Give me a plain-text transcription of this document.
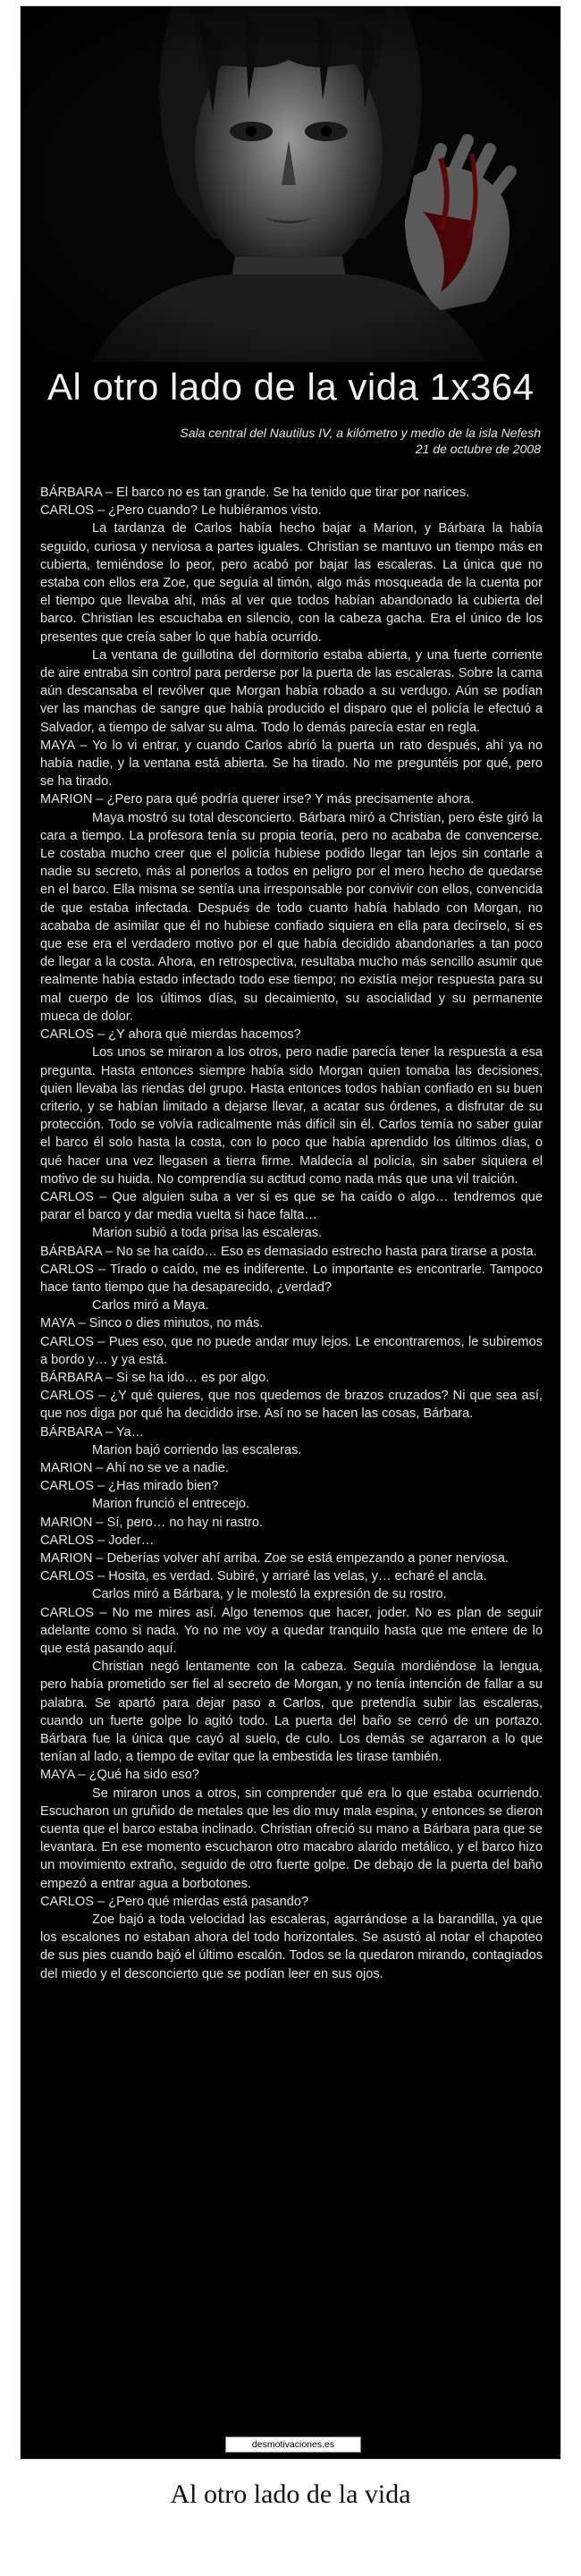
Al otro lado de la vida 1x364
Sala central del Nautilus IV, a kilómetro y medio de la isla Nefesh
21 de octubre de 2008

BÁRBARA – El barco no es tan grande. Se ha tenido que tirar por narices.

CARLOS – ¿Pero cuando? Le hubiéramos visto.

La tardanza de Carlos había hecho bajar a Marion, y Bárbara la había seguido, curiosa y nerviosa a partes iguales. Christian se mantuvo un tiempo más en cubierta, temiéndose lo peor, pero acabó por bajar las escaleras. La única que no estaba con ellos era Zoe, que seguía al timón, algo más mosqueada de la cuenta por el tiempo que llevaba ahí, más al ver que todos habían abandonado la cubierta del barco. Christian les escuchaba en silencio, con la cabeza gacha. Era el único de los presentes que creía saber lo que había ocurrido.

La ventana de guillotina del dormitorio estaba abierta, y una fuerte corriente de aire entraba sin control para perderse por la puerta de las escaleras. Sobre la cama aún descansaba el revólver que Morgan había robado a su verdugo. Aún se podían ver las manchas de sangre que había producido el disparo que el policía le efectuó a Salvador, a tiempo de salvar su alma. Todo lo demás parecía estar en regla.

MAYA – Yo lo vi entrar, y cuando Carlos abrió la puerta un rato después, ahí ya no había nadie, y la ventana está abierta. Se ha tirado. No me preguntéis por qué, pero se ha tirado.

MARION – ¿Pero para qué podría querer irse? Y más precisamente ahora.

Maya mostró su total desconcierto. Bárbara miró a Christian, pero éste giró la cara a tiempo. La profesora tenía su propia teoría, pero no acababa de convencerse. Le costaba mucho creer que el policía hubiese podido llegar tan lejos sin contarle a nadie su secreto, más al ponerlos a todos en peligro por el mero hecho de quedarse en el barco. Ella misma se sentía una irresponsable por convivir con ellos, convencida de que estaba infectada. Después de todo cuanto había hablado con Morgan, no acababa de asimilar que él no hubiese confiado siquiera en ella para decírselo, si es que ese era el verdadero motivo por el que había decidido abandonarles a tan poco de llegar a la costa. Ahora, en retrospectiva, resultaba mucho más sencillo asumir que realmente había estado infectado todo ese tiempo; no existía mejor respuesta para su mal cuerpo de los últimos días, su decaimiento, su asocialidad y su permanente mueca de dolor.

CARLOS – ¿Y ahora qué mierdas hacemos?

Los unos se miraron a los otros, pero nadie parecía tener la respuesta a esa pregunta. Hasta entonces siempre había sido Morgan quien tomaba las decisiones, quien llevaba las riendas del grupo. Hasta entonces todos habían confiado en su buen criterio, y se habían limitado a dejarse llevar, a acatar sus órdenes, a disfrutar de su protección. Todo se volvía radicalmente más difícil sin él. Carlos temía no saber guiar el barco él solo hasta la costa, con lo poco que había aprendido los últimos días, o qué hacer una vez llegasen a tierra firme. Maldecía al policía, sin saber siquiera el motivo de su huida. No comprendía su actitud como nada más que una vil traición.

CARLOS – Que alguien suba a ver si es que se ha caído o algo… tendremos que parar el barco y dar media vuelta si hace falta…

Marion subió a toda prisa las escaleras.

BÁRBARA – No se ha caído… Eso es demasiado estrecho hasta para tirarse a posta.

CARLOS – Tirado o caído, me es indiferente. Lo importante es encontrarle. Tampoco hace tanto tiempo que ha desaparecido, ¿verdad?

Carlos miró a Maya.

MAYA – Sinco o dies minutos, no más.

CARLOS – Pues eso, que no puede andar muy lejos. Le encontraremos, le subiremos a bordo y… y ya está.

BÁRBARA – Si se ha ido… es por algo.

CARLOS – ¿Y qué quieres, que nos quedemos de brazos cruzados? Ni que sea así, que nos diga por qué ha decidido irse. Así no se hacen las cosas, Bárbara.

BÁRBARA – Ya…

Marion bajó corriendo las escaleras.

MARION – Ahí no se ve a nadie.

CARLOS – ¿Has mirado bien?

Marion frunció el entrecejo.

MARION – Sí, pero… no hay ni rastro.

CARLOS – Joder…

MARION – Deberías volver ahí arriba. Zoe se está empezando a poner nerviosa.

CARLOS – Hosita, es verdad. Subiré, y arriaré las velas, y… echaré el ancla.

Carlos miró a Bárbara, y le molestó la expresión de su rostro.

CARLOS – No me mires así. Algo tenemos que hacer, joder. No es plan de seguir adelante como si nada. Yo no me voy a quedar tranquilo hasta que me entere de lo que está pasando aquí.

Christian negó lentamente con la cabeza. Seguía mordiéndose la lengua, pero había prometido ser fiel al secreto de Morgan, y no tenía intención de fallar a su palabra. Se apartó para dejar paso a Carlos, que pretendía subir las escaleras, cuando un fuerte golpe lo agitó todo. La puerta del baño se cerró de un portazo. Bárbara fue la única que cayó al suelo, de culo. Los demás se agarraron a lo que tenían al lado, a tiempo de evitar que la embestida les tirase también.

MAYA – ¿Qué ha sido eso?

Se miraron unos a otros, sin comprender qué era lo que estaba ocurriendo. Escucharon un gruñido de metales que les dio muy mala espina, y entonces se dieron cuenta que el barco estaba inclinado. Christian ofreció su mano a Bárbara para que se levantara. En ese momento escucharon otro macabro alarido metálico, y el barco hizo un movimiento extraño, seguido de otro fuerte golpe. De debajo de la puerta del baño empezó a entrar agua a borbotones.

CARLOS – ¿Pero qué mierdas está pasando?

Zoe bajó a toda velocidad las escaleras, agarrándose a la barandilla, ya que los escalones no estaban ahora del todo horizontales. Se asustó al notar el chapoteo de sus pies cuando bajó el último escalón. Todos se la quedaron mirando, contagiados del miedo y el desconcierto que se podían leer en sus ojos.

desmotivaciones.es
Al otro lado de la vida
